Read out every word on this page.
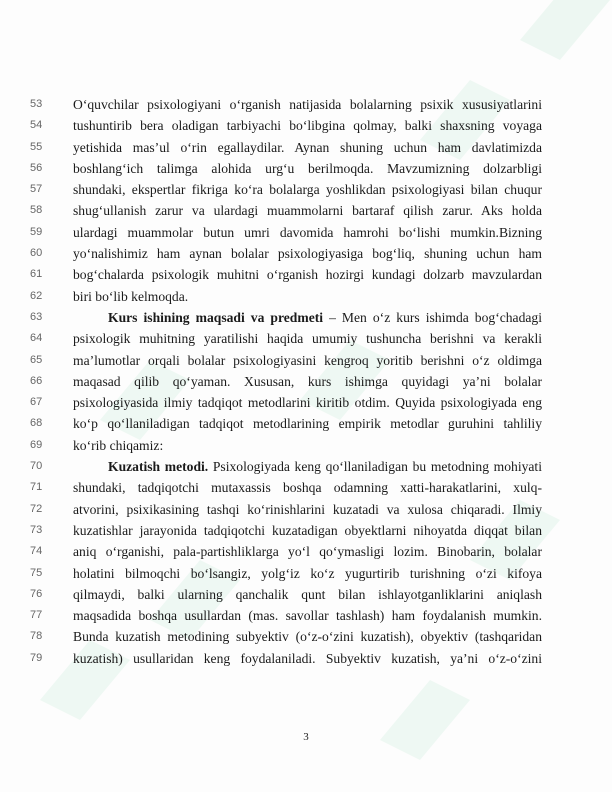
53	O‘quvchilar psixologiyani o‘rganish natijasida bolalarning psixik xususiyatlarini
54	tushuntirib bera oladigan tarbiyachi bo‘libgina qolmay, balki shaxsning voyaga
55	yetishida mas’ul o‘rin egallaydilar. Aynan shuning uchun ham davlatimizda
56	boshlang‘ich talimga alohida urg‘u berilmoqda. Mavzumizning dolzarbligi
57	shundaki, ekspertlar fikriga ko‘ra bolalarga yoshlikdan psixologiyasi bilan chuqur
58	shug‘ullanish zarur va ulardagi muammolarni bartaraf qilish zarur. Aks holda
59	ulardagi muammolar butun umri davomida hamrohi bo‘lishi mumkin.Bizning
60	yo‘nalishimiz ham aynan bolalar psixologiyasiga bog‘liq, shuning uchun ham
61	bog‘chalarda psixologik muhitni o‘rganish hozirgi kundagi dolzarb mavzulardan
62	biri bo‘lib kelmoqda.
63	Kurs ishining maqsadi va predmeti – Men o‘z kurs ishimda bog‘chadagi
64	psixologik muhitning yaratilishi haqida umumiy tushuncha berishni va kerakli
65	ma’lumotlar orqali bolalar psixologiyasini kengroq yoritib berishni o‘z oldimga
66	maqasad qilib qo‘yaman. Xususan, kurs ishimga quyidagi ya’ni bolalar
67	psixologiyasida ilmiy tadqiqot metodlarini kiritib otdim. Quyida psixologiyada eng
68	ko‘p qo‘llaniladigan tadqiqot metodlarining empirik metodlar guruhini tahliliy
69	ko‘rib chiqamiz:
70	Kuzatish metodi. Psixologiyada keng qo‘llaniladigan bu metodning mohiyati
71	shundaki, tadqiqotchi mutaxassis boshqa odamning xatti-harakatlarini, xulq-
72	atvorini, psixikasining tashqi ko‘rinishlarini kuzatadi va xulosa chiqaradi. Ilmiy
73	kuzatishlar jarayonida tadqiqotchi kuzatadigan obyektlarni nihoyatda diqqat bilan
74	aniq o‘rganishi, pala-partishliklarga yo‘l qo‘ymasligi lozim. Binobarin, bolalar
75	holatini bilmoqchi bo‘lsangiz, yolg‘iz ko‘z yugurtirib turishning o‘zi kifoya
76	qilmaydi, balki ularning qanchalik qunt bilan ishlayotganliklarini aniqlash
77	maqsadida boshqa usullardan (mas. savollar tashlash) ham foydalanish mumkin.
78	Bunda kuzatish metodining subyektiv (o‘z-o‘zini kuzatish), obyektiv (tashqaridan
79	kuzatish) usullaridan keng foydalaniladi. Subyektiv kuzatish, ya’ni o‘z-o‘zini
3
